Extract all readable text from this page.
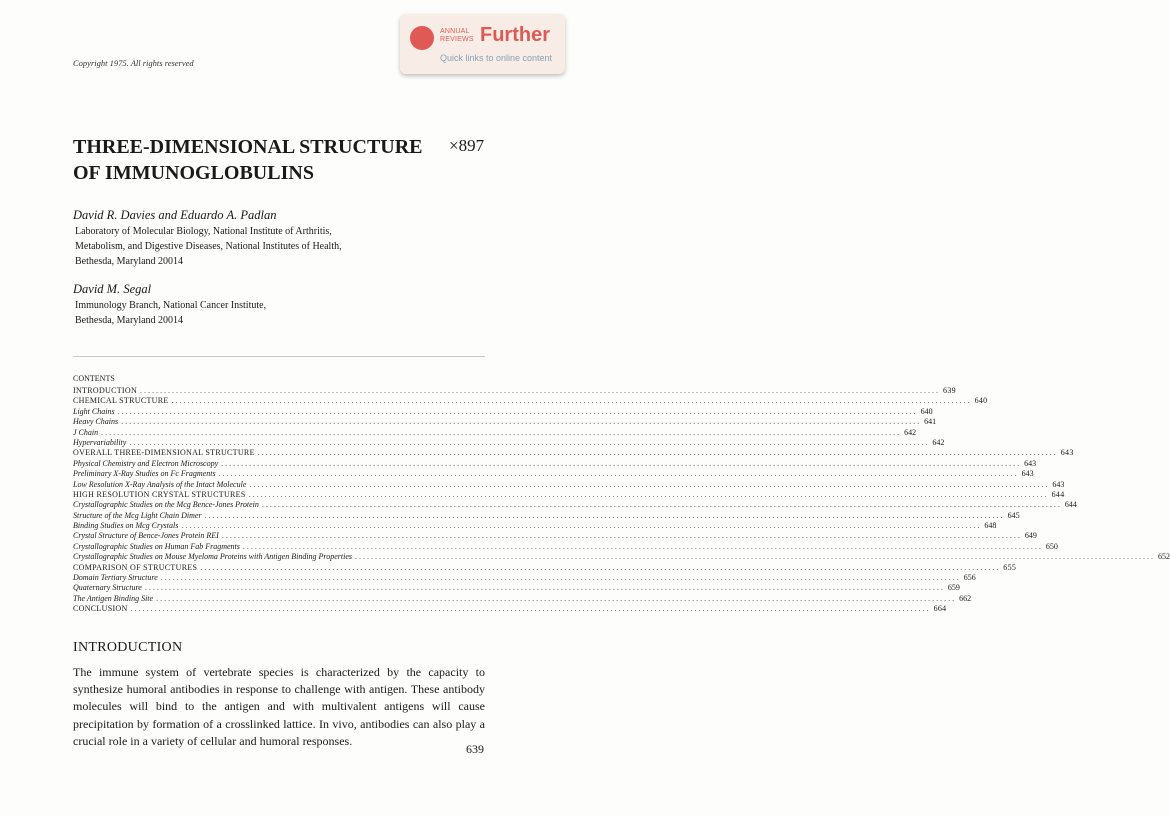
Copyright 1975. All rights reserved
ANNUAL
REVIEWS Further
Quick links to online content
THREE-DIMENSIONAL STRUCTURE
OF IMMUNOGLOBULINS
×897
David R. Davies and Eduardo A. Padlan
Laboratory of Molecular Biology, National Institute of Arthritis,
Metabolism, and Digestive Diseases, National Institutes of Health,
Bethesda, Maryland 20014
David M. Segal
Immunology Branch, National Cancer Institute,
Bethesda, Maryland 20014
CONTENTS
INTRODUCTION ........................................................................................................................................................................................................ 639
CHEMICAL STRUCTURE ........................................................................................................................................................................................................ 640
Light Chains ........................................................................................................................................................................................................ 640
Heavy Chains ........................................................................................................................................................................................................ 641
J Chain ........................................................................................................................................................................................................ 642
Hypervariability ........................................................................................................................................................................................................ 642
OVERALL THREE-DIMENSIONAL STRUCTURE ........................................................................................................................................................................................................ 643
Physical Chemistry and Electron Microscopy ........................................................................................................................................................................................................ 643
Preliminary X-Ray Studies on Fc Fragments ........................................................................................................................................................................................................ 643
Low Resolution X-Ray Analysis of the Intact Molecule ........................................................................................................................................................................................................ 643
HIGH RESOLUTION CRYSTAL STRUCTURES ........................................................................................................................................................................................................ 644
Crystallographic Studies on the Mcg Bence-Jones Protein ........................................................................................................................................................................................................ 644
Structure of the Mcg Light Chain Dimer ........................................................................................................................................................................................................ 645
Binding Studies on Mcg Crystals ........................................................................................................................................................................................................ 648
Crystal Structure of Bence-Jones Protein REI ........................................................................................................................................................................................................ 649
Crystallographic Studies on Human Fab Fragments ........................................................................................................................................................................................................ 650
Crystallographic Studies on Mouse Myeloma Proteins with Antigen Binding Properties ........................................................................................................................................................................................................ 652
COMPARISON OF STRUCTURES ........................................................................................................................................................................................................ 655
Domain Tertiary Structure ........................................................................................................................................................................................................ 656
Quaternary Structure ........................................................................................................................................................................................................ 659
The Antigen Binding Site ........................................................................................................................................................................................................ 662
CONCLUSION ........................................................................................................................................................................................................ 664
INTRODUCTION

The immune system of vertebrate species is characterized by the capacity to synthesize humoral antibodies in response to challenge with antigen. These antibody molecules will bind to the antigen and with multivalent antigens will cause precipitation by formation of a crosslinked lattice. In vivo, antibodies can also play a crucial role in a variety of cellular and humoral responses.

639
